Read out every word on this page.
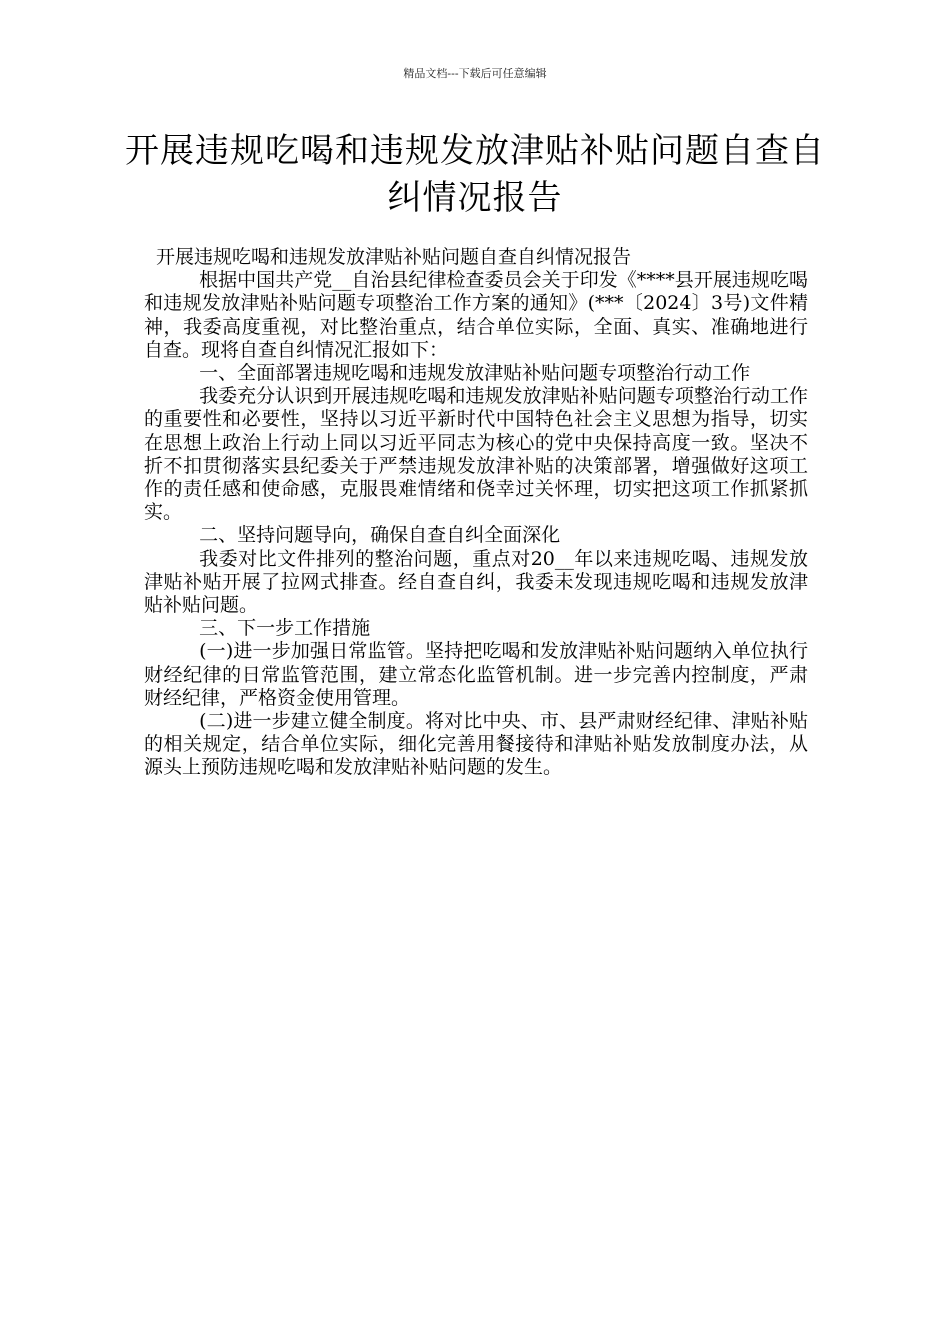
精品文档---下载后可任意编辑
开展违规吃喝和违规发放津贴补贴问题自查自纠情况报告

开展违规吃喝和违规发放津贴补贴问题自查自纠情况报告

根据中国共产党__自治县纪律检查委员会关于印发《****县开展违规吃喝和违规发放津贴补贴问题专项整治工作方案的通知》(***〔2024〕3号)文件精神，我委高度重视，对比整治重点，结合单位实际，全面、真实、准确地进行自查。现将自查自纠情况汇报如下：

一、全面部署违规吃喝和违规发放津贴补贴问题专项整治行动工作

我委充分认识到开展违规吃喝和违规发放津贴补贴问题专项整治行动工作的重要性和必要性，坚持以习近平新时代中国特色社会主义思想为指导，切实在思想上政治上行动上同以习近平同志为核心的党中央保持高度一致。坚决不折不扣贯彻落实县纪委关于严禁违规发放津补贴的决策部署，增强做好这项工作的责任感和使命感，克服畏难情绪和侥幸过关怀理，切实把这项工作抓紧抓实。

二、坚持问题导向，确保自查自纠全面深化

我委对比文件排列的整治问题，重点对20__年以来违规吃喝、违规发放津贴补贴开展了拉网式排查。经自查自纠，我委未发现违规吃喝和违规发放津贴补贴问题。

三、下一步工作措施

(一)进一步加强日常监管。坚持把吃喝和发放津贴补贴问题纳入单位执行财经纪律的日常监管范围，建立常态化监管机制。进一步完善内控制度，严肃财经纪律，严格资金使用管理。

(二)进一步建立健全制度。将对比中央、市、县严肃财经纪律、津贴补贴的相关规定，结合单位实际，细化完善用餐接待和津贴补贴发放制度办法，从源头上预防违规吃喝和发放津贴补贴问题的发生。
